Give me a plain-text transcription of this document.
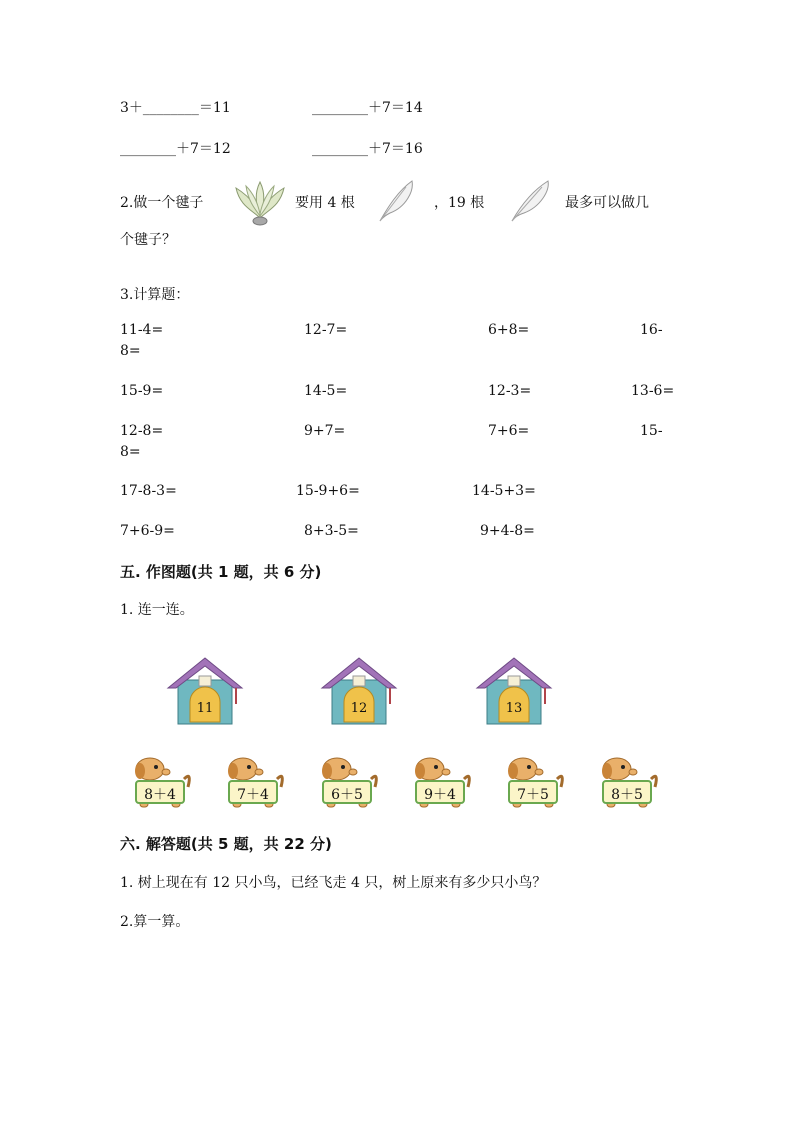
3＋________＝11	________＋7＝14
________＋7＝12	________＋7＝16
2.做一个毽子	要用 4 根	，19 根	最多可以做几
个毽子？
3.计算题：
11-4=	12-7=	6+8=	16-
8=
15-9=	14-5=	12-3=	13-6=
12-8=	9+7=	7+6=	15-
8=
17-8-3=	15-9+6=	14-5+3=
7+6-9=	8+3-5=	9+4-8=
五. 作图题(共 1 题，共 6 分)
1. 连一连。
11	12	13
8＋4	7＋4	6＋5	9＋4	7＋5	8＋5
六. 解答题(共 5 题，共 22 分)
1. 树上现在有 12 只小鸟，已经飞走 4 只，树上原来有多少只小鸟？
2.算一算。
